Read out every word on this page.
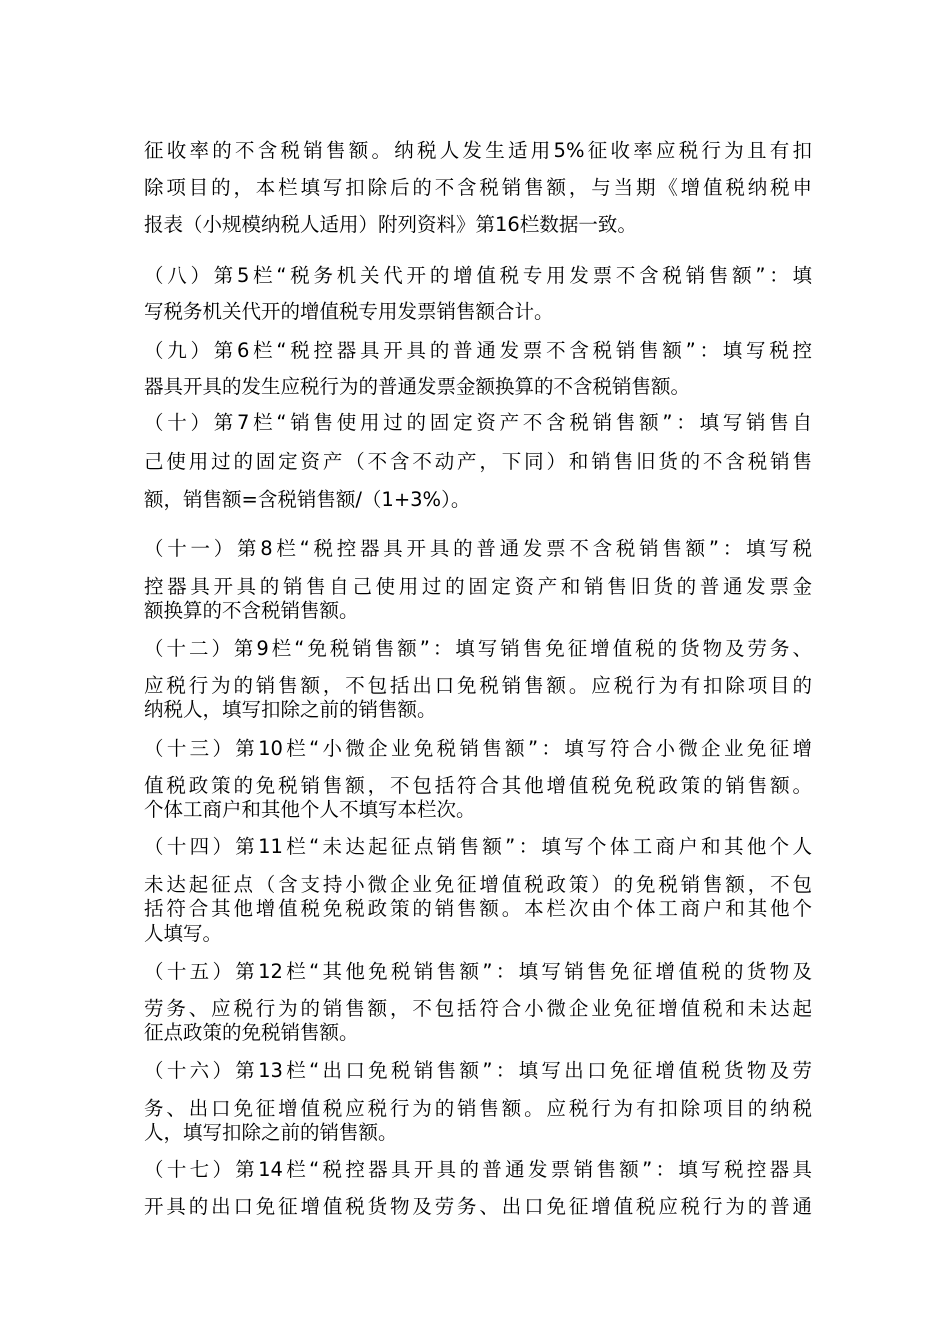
征收率的不含税销售额。纳税人发生适用5%征收率应税行为且有扣

除项目的，本栏填写扣除后的不含税销售额，与当期《增值税纳税申

报表（小规模纳税人适用）附列资料》第16栏数据一致。

（八）第5栏“税务机关代开的增值税专用发票不含税销售额”：填

写税务机关代开的增值税专用发票销售额合计。

（九）第6栏“税控器具开具的普通发票不含税销售额”：填写税控

器具开具的发生应税行为的普通发票金额换算的不含税销售额。

（十）第7栏“销售使用过的固定资产不含税销售额”：填写销售自

己使用过的固定资产（不含不动产，下同）和销售旧货的不含税销售

额，销售额=含税销售额/（1+3%）。

（十一）第8栏“税控器具开具的普通发票不含税销售额”：填写税

控器具开具的销售自己使用过的固定资产和销售旧货的普通发票金

额换算的不含税销售额。

（十二）第9栏“免税销售额”：填写销售免征增值税的货物及劳务、

应税行为的销售额，不包括出口免税销售额。应税行为有扣除项目的

纳税人，填写扣除之前的销售额。

（十三）第10栏“小微企业免税销售额”：填写符合小微企业免征增

值税政策的免税销售额，不包括符合其他增值税免税政策的销售额。

个体工商户和其他个人不填写本栏次。

（十四）第11栏“未达起征点销售额”：填写个体工商户和其他个人

未达起征点（含支持小微企业免征增值税政策）的免税销售额，不包

括符合其他增值税免税政策的销售额。本栏次由个体工商户和其他个

人填写。

（十五）第12栏“其他免税销售额”：填写销售免征增值税的货物及

劳务、应税行为的销售额，不包括符合小微企业免征增值税和未达起

征点政策的免税销售额。

（十六）第13栏“出口免税销售额”：填写出口免征增值税货物及劳

务、出口免征增值税应税行为的销售额。应税行为有扣除项目的纳税

人，填写扣除之前的销售额。

（十七）第14栏“税控器具开具的普通发票销售额”：填写税控器具

开具的出口免征增值税货物及劳务、出口免征增值税应税行为的普通
